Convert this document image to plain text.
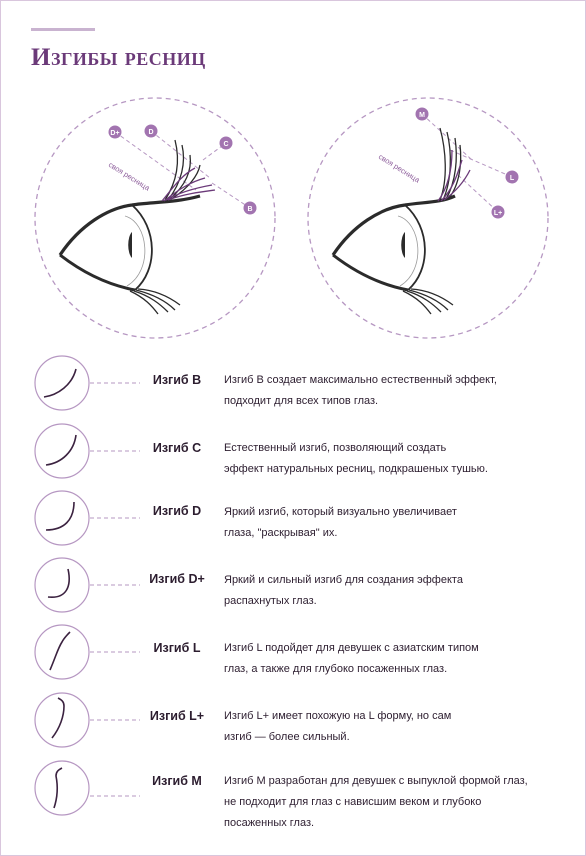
Изгибы ресниц
D+	D
C
B
своя ресница
M
L
L+
своя ресница
Изгиб B	Изгиб B создает максимально естественный эффект,
подходит для всех типов глаз.
Изгиб C	Естественный изгиб, позволяющий создать
эффект натуральных ресниц, подкрашеных тушью.
Изгиб D	Яркий изгиб, который визуально увеличивает
глаза, "раскрывая" их.
Изгиб D+	Яркий и сильный изгиб для создания эффекта
распахнутых глаз.
Изгиб L	Изгиб L подойдет для девушек с азиатским типом
глаз, а также для глубоко посаженных глаз.
Изгиб L+	Изгиб L+ имеет похожую на L форму, но сам
изгиб — более сильный.
Изгиб M	Изгиб M разработан для девушек с выпуклой формой глаз,
не подходит для глаз с нависшим веком и глубоко
посаженных глаз.
